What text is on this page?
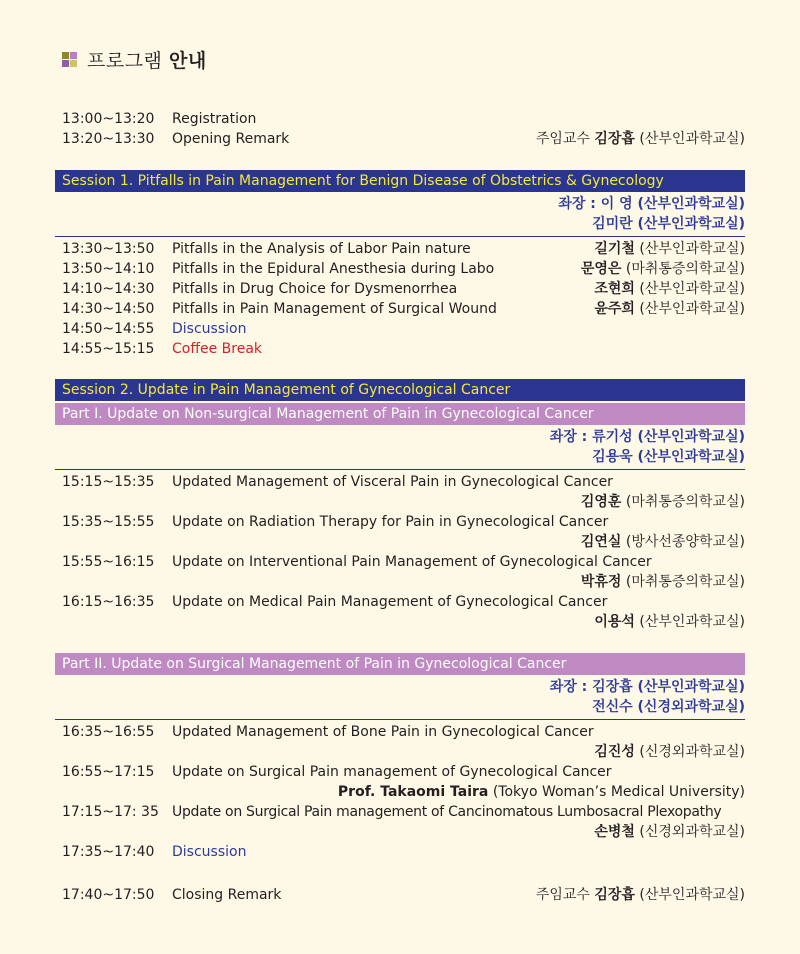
프로그램 안내
13:00~13:20 Registration
13:20~13:30 Opening Remark	주임교수 김장흡 (산부인과학교실)
Session 1. Pitfalls in Pain Management for Benign Disease of Obstetrics & Gynecology
좌장 : 이 영 (산부인과학교실)
김미란 (산부인과학교실)
13:30~13:50 Pitfalls in the Analysis of Labor Pain nature	길기철 (산부인과학교실)
13:50~14:10 Pitfalls in the Epidural Anesthesia during Labo	문영은 (마취통증의학교실)
14:10~14:30 Pitfalls in Drug Choice for Dysmenorrhea	조현희 (산부인과학교실)
14:30~14:50 Pitfalls in Pain Management of Surgical Wound	윤주희 (산부인과학교실)
14:50~14:55 Discussion
14:55~15:15 Coffee Break
Session 2. Update in Pain Management of Gynecological Cancer
Part I. Update on Non-surgical Management of Pain in Gynecological Cancer
좌장 : 류기성 (산부인과학교실)
김용욱 (산부인과학교실)
15:15~15:35 Updated Management of Visceral Pain in Gynecological Cancer
김영훈 (마취통증의학교실)
15:35~15:55 Update on Radiation Therapy for Pain in Gynecological Cancer
김연실 (방사선종양학교실)
15:55~16:15 Update on Interventional Pain Management of Gynecological Cancer
박휴정 (마취통증의학교실)
16:15~16:35 Update on Medical Pain Management of Gynecological Cancer
이용석 (산부인과학교실)
Part II. Update on Surgical Management of Pain in Gynecological Cancer
좌장 : 김장흡 (산부인과학교실)
전신수 (신경외과학교실)
16:35~16:55 Updated Management of Bone Pain in Gynecological Cancer
김진성 (신경외과학교실)
16:55~17:15 Update on Surgical Pain management of Gynecological Cancer
Prof. Takaomi Taira (Tokyo Woman’s Medical University)
17:15~17: 35 Update on Surgical Pain management of Cancinomatous Lumbosacral Plexopathy
손병철 (신경외과학교실)
17:35~17:40 Discussion
17:40~17:50 Closing Remark	주임교수 김장흡 (산부인과학교실)
